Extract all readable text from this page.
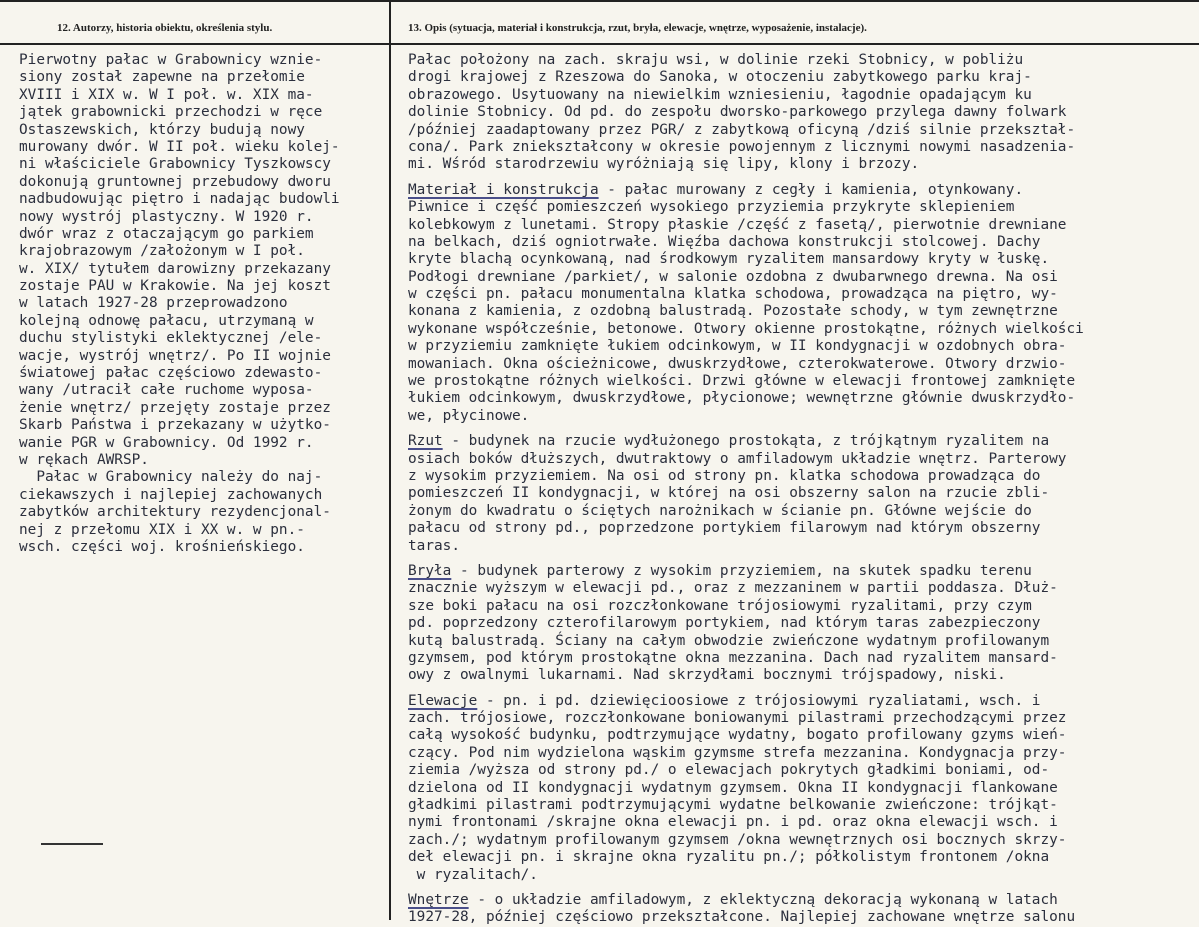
12. Autorzy, historia obiektu, określenia stylu.	13. Opis (sytuacja, materiał i konstrukcja, rzut, bryła, elewacje, wnętrze, wyposażenie, instalacje).
Pierwotny pałac w Grabownicy wznie-
siony został zapewne na przełomie
XVIII i XIX w. W I poł. w. XIX ma-
jątek grabownicki przechodzi w ręce
Ostaszewskich, którzy budują nowy
murowany dwór. W II poł. wieku kolej-
ni właściciele Grabownicy Tyszkowscy
dokonują gruntownej przebudowy dworu
nadbudowując piętro i nadając budowli
nowy wystrój plastyczny. W 1920 r.
dwór wraz z otaczającym go parkiem
krajobrazowym /założonym w I poł.
w. XIX/ tytułem darowizny przekazany
zostaje PAU w Krakowie. Na jej koszt
w latach 1927-28 przeprowadzono
kolejną odnowę pałacu, utrzymaną w
duchu stylistyki eklektycznej /ele-
wacje, wystrój wnętrz/. Po II wojnie
światowej pałac częściowo zdewasto-
wany /utracił całe ruchome wyposa-
żenie wnętrz/ przejęty zostaje przez
Skarb Państwa i przekazany w użytko-
wanie PGR w Grabownicy. Od 1992 r.
w rękach AWRSP.
Pałac w Grabownicy należy do naj-
ciekawszych i najlepiej zachowanych
zabytków architektury rezydencjonal-
nej z przełomu XIX i XX w. w pn.-
wsch. części woj. krośnieńskiego.
Pałac położony na zach. skraju wsi, w dolinie rzeki Stobnicy, w pobliżu
drogi krajowej z Rzeszowa do Sanoka, w otoczeniu zabytkowego parku kraj-
obrazowego. Usytuowany na niewielkim wzniesieniu, łagodnie opadającym ku
dolinie Stobnicy. Od pd. do zespołu dworsko-parkowego przylega dawny folwark
/później zaadaptowany przez PGR/ z zabytkową oficyną /dziś silnie przekształ-
cona/. Park zniekształcony w okresie powojennym z licznymi nowymi nasadzenia-
mi. Wśród starodrzewiu wyróżniają się lipy, klony i brzozy.
Materiał i konstrukcja - pałac murowany z cegły i kamienia, otynkowany.
Piwnice i część pomieszczeń wysokiego przyziemia przykryte sklepieniem
kolebkowym z lunetami. Stropy płaskie /część z fasetą/, pierwotnie drewniane
na belkach, dziś ogniotrwałe. Więźba dachowa konstrukcji stolcowej. Dachy
kryte blachą ocynkowaną, nad środkowym ryzalitem mansardowy kryty w łuskę.
Podłogi drewniane /parkiet/, w salonie ozdobna z dwubarwnego drewna. Na osi
w części pn. pałacu monumentalna klatka schodowa, prowadząca na piętro, wy-
konana z kamienia, z ozdobną balustradą. Pozostałe schody, w tym zewnętrzne
wykonane współcześnie, betonowe. Otwory okienne prostokątne, różnych wielkości
w przyziemiu zamknięte łukiem odcinkowym, w II kondygnacji w ozdobnych obra-
mowaniach. Okna ościeżnicowe, dwuskrzydłowe, czterokwaterowe. Otwory drzwio-
we prostokątne różnych wielkości. Drzwi główne w elewacji frontowej zamknięte
łukiem odcinkowym, dwuskrzydłowe, płycionowe; wewnętrzne głównie dwuskrzydło-
we, płycinowe.
Rzut - budynek na rzucie wydłużonego prostokąta, z trójkątnym ryzalitem na
osiach boków dłuższych, dwutraktowy o amfiladowym układzie wnętrz. Parterowy
z wysokim przyziemiem. Na osi od strony pn. klatka schodowa prowadząca do
pomieszczeń II kondygnacji, w której na osi obszerny salon na rzucie zbli-
żonym do kwadratu o ściętych narożnikach w ścianie pn. Główne wejście do
pałacu od strony pd., poprzedzone portykiem filarowym nad którym obszerny
taras.
Bryła - budynek parterowy z wysokim przyziemiem, na skutek spadku terenu
znacznie wyższym w elewacji pd., oraz z mezzaninem w partii poddasza. Dłuż-
sze boki pałacu na osi rozczłonkowane trójosiowymi ryzalitami, przy czym
pd. poprzedzony czterofilarowym portykiem, nad którym taras zabezpieczony
kutą balustradą. Ściany na całym obwodzie zwieńczone wydatnym profilowanym
gzymsem, pod którym prostokątne okna mezzanina. Dach nad ryzalitem mansard-
owy z owalnymi lukarnami. Nad skrzydłami bocznymi trójspadowy, niski.
Elewacje - pn. i pd. dziewięcioosiowe z trójosiowymi ryzaliatami, wsch. i
zach. trójosiowe, rozczłonkowane boniowanymi pilastrami przechodzącymi przez
całą wysokość budynku, podtrzymujące wydatny, bogato profilowany gzyms wień-
czący. Pod nim wydzielona wąskim gzymsme strefa mezzanina. Kondygnacja przy-
ziemia /wyższa od strony pd./ o elewacjach pokrytych gładkimi boniami, od-
dzielona od II kondygnacji wydatnym gzymsem. Okna II kondygnacji flankowane
gładkimi pilastrami podtrzymującymi wydatne belkowanie zwieńczone: trójkąt-
nymi frontonami /skrajne okna elewacji pn. i pd. oraz okna elewacji wsch. i
zach./; wydatnym profilowanym gzymsem /okna wewnętrznych osi bocznych skrzy-
deł elewacji pn. i skrajne okna ryzalitu pn./; półkolistym frontonem /okna
w ryzalitach/.
Wnętrze - o układzie amfiladowym, z eklektyczną dekoracją wykonaną w latach
1927-28, później częściowo przekształcone. Najlepiej zachowane wnętrze salonu
